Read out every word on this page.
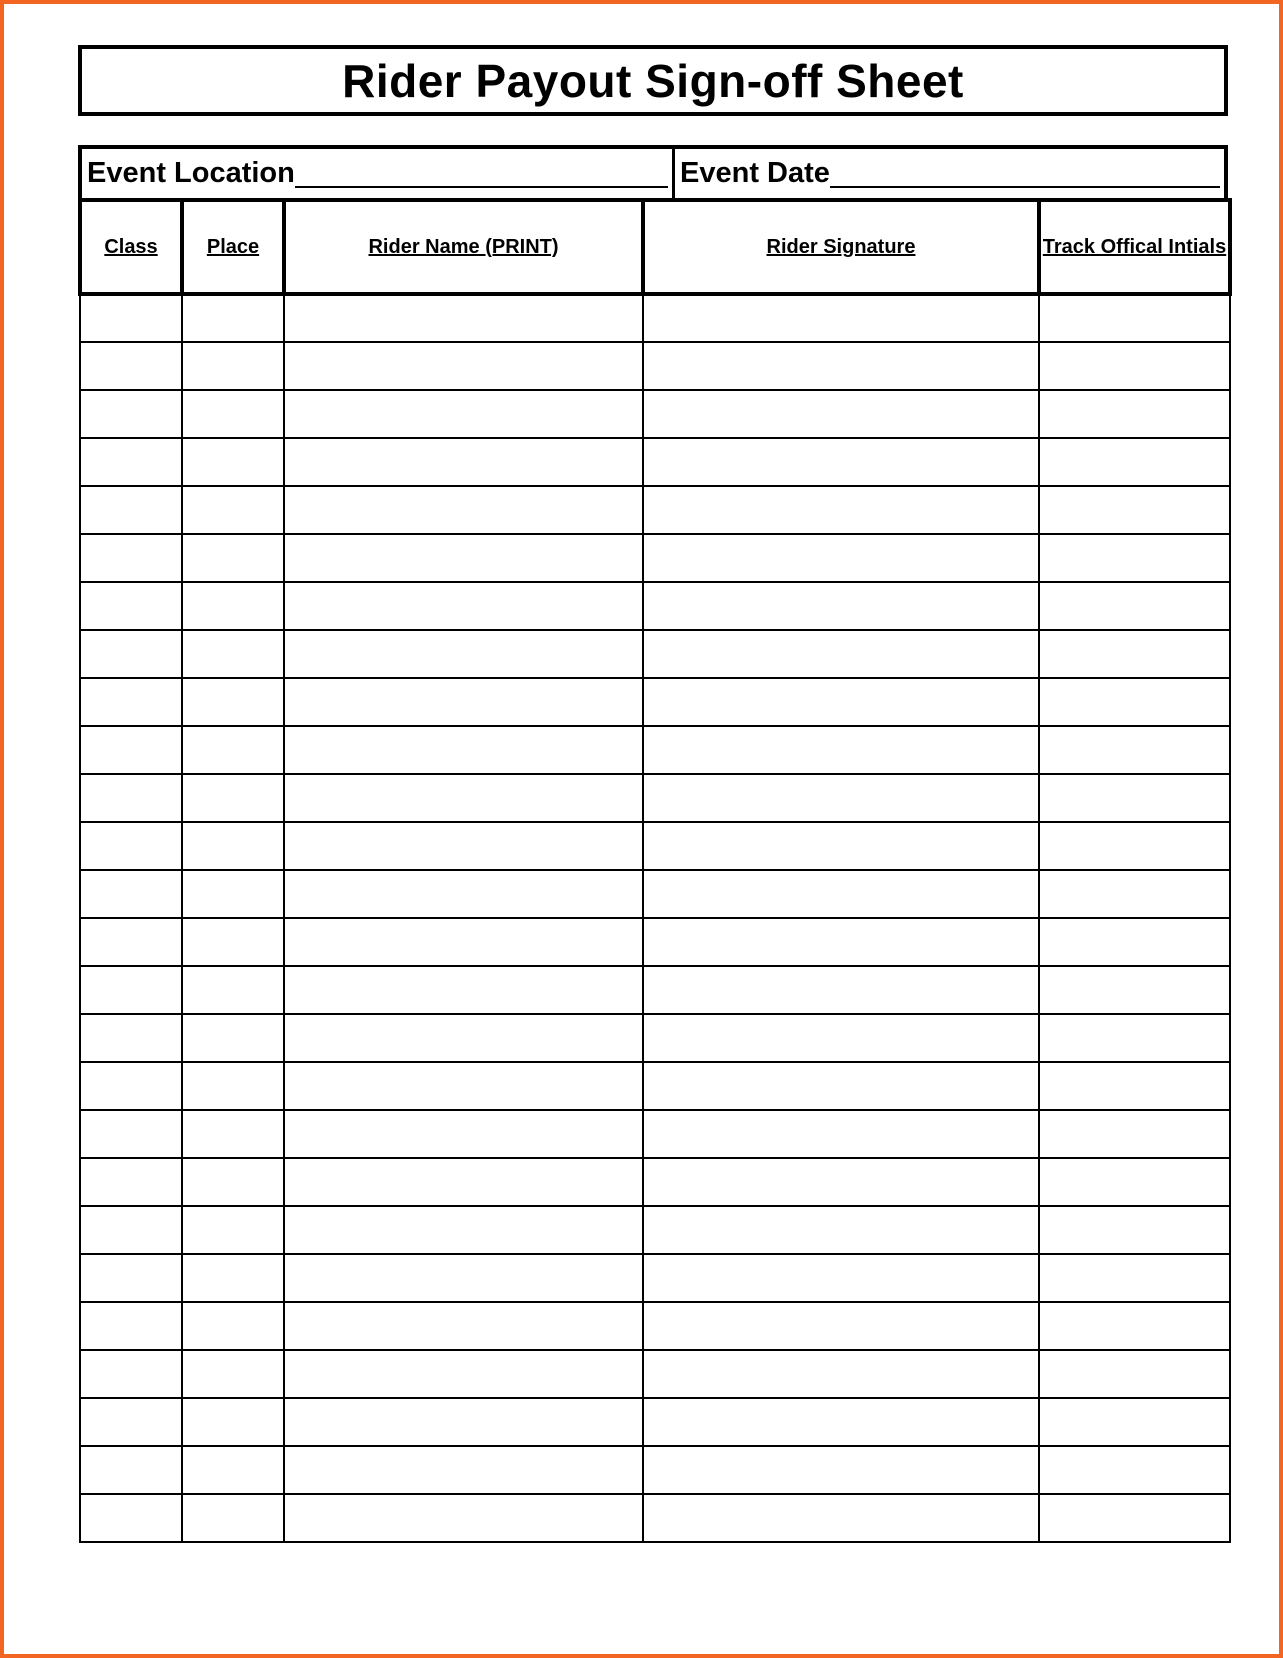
Rider Payout Sign-off Sheet
Event Location	Event Date
Class	Place	Rider Name (PRINT)	Rider Signature	Track Offical Intials
